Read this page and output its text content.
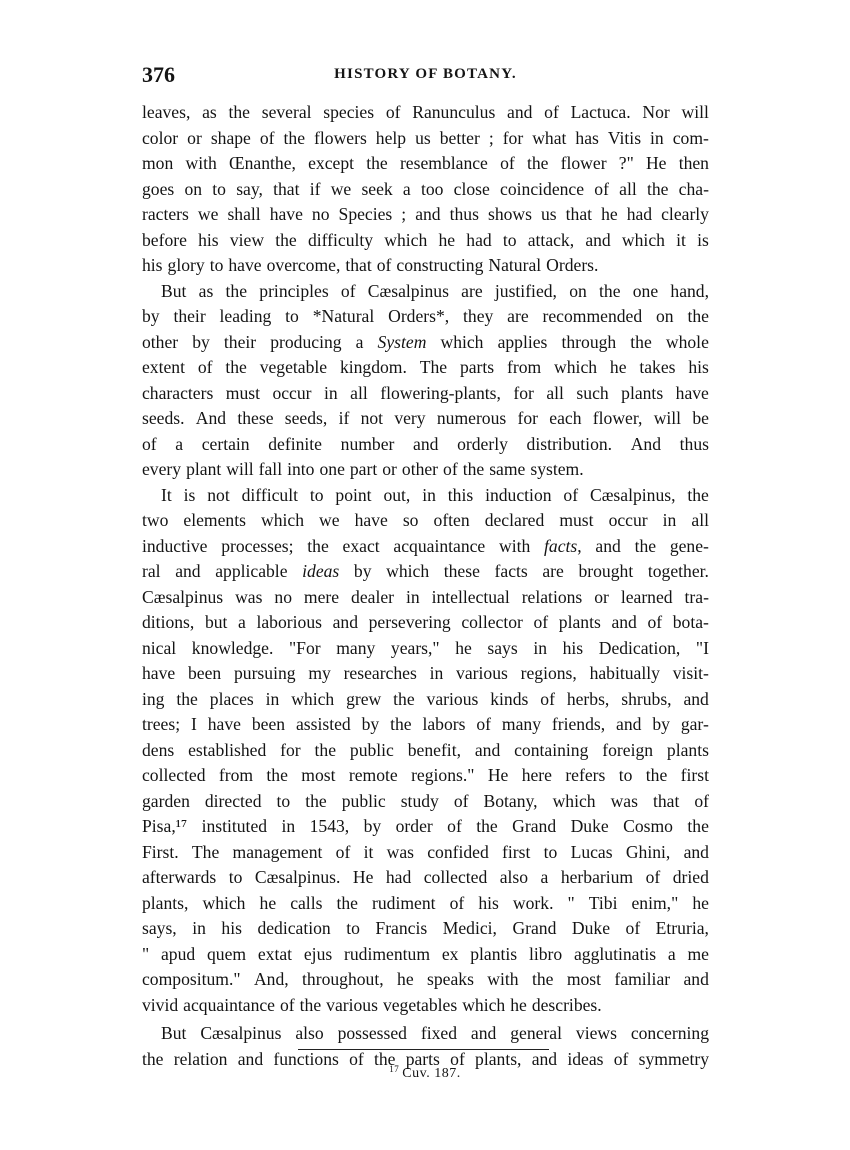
376	HISTORY OF BOTANY.
leaves, as the several species of Ranunculus and of Lactuca. Nor will
color or shape of the flowers help us better ; for what has Vitis in com-
mon with Œnanthe, except the resemblance of the flower ?" He then
goes on to say, that if we seek a too close coincidence of all the cha-
racters we shall have no Species ; and thus shows us that he had clearly
before his view the difficulty which he had to attack, and which it is
his glory to have overcome, that of constructing Natural Orders.
But as the principles of Cæsalpinus are justified, on the one hand,
by their leading to *Natural Orders*, they are recommended on the
other by their producing a System which applies through the whole
extent of the vegetable kingdom. The parts from which he takes his
characters must occur in all flowering-plants, for all such plants have
seeds. And these seeds, if not very numerous for each flower, will be
of a certain definite number and orderly distribution. And thus
every plant will fall into one part or other of the same system.
It is not difficult to point out, in this induction of Cæsalpinus, the
two elements which we have so often declared must occur in all
inductive processes; the exact acquaintance with facts, and the gene-
ral and applicable ideas by which these facts are brought together.
Cæsalpinus was no mere dealer in intellectual relations or learned tra-
ditions, but a laborious and persevering collector of plants and of bota-
nical knowledge. "For many years," he says in his Dedication, "I
have been pursuing my researches in various regions, habitually visit-
ing the places in which grew the various kinds of herbs, shrubs, and
trees; I have been assisted by the labors of many friends, and by gar-
dens established for the public benefit, and containing foreign plants
collected from the most remote regions." He here refers to the first
garden directed to the public study of Botany, which was that of
Pisa,¹⁷ instituted in 1543, by order of the Grand Duke Cosmo the
First. The management of it was confided first to Lucas Ghini, and
afterwards to Cæsalpinus. He had collected also a herbarium of dried
plants, which he calls the rudiment of his work. " Tibi enim," he
says, in his dedication to Francis Medici, Grand Duke of Etruria,
" apud quem extat ejus rudimentum ex plantis libro agglutinatis a me
compositum." And, throughout, he speaks with the most familiar and
vivid acquaintance of the various vegetables which he describes.
But Cæsalpinus also possessed fixed and general views concerning
the relation and functions of the parts of plants, and ideas of symmetry
$^{17}$ Cuv. 187.
